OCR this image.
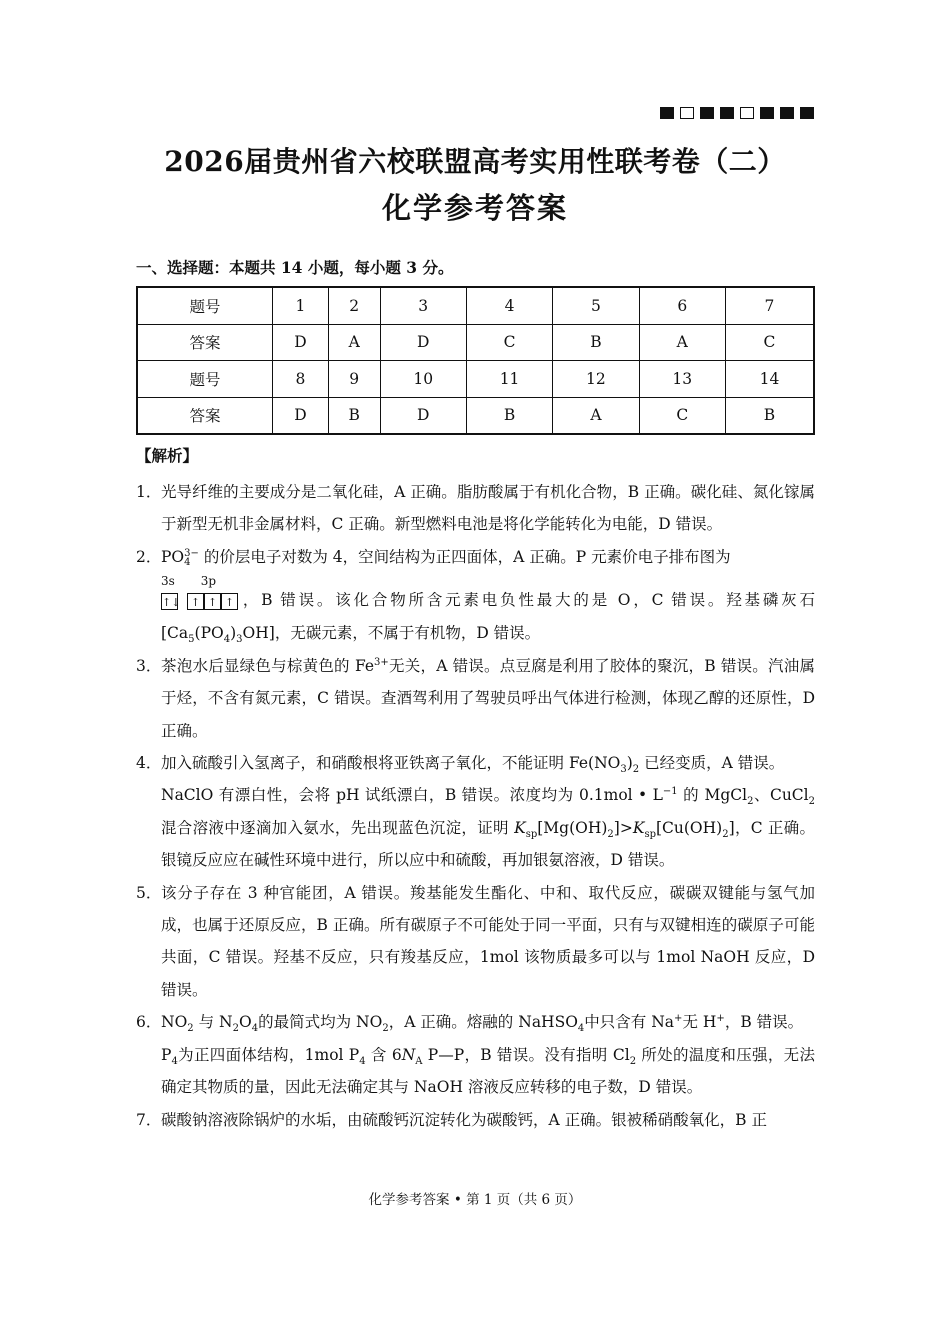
2026届贵州省六校联盟高考实用性联考卷（二）
化学参考答案
一、选择题：本题共 14 小题，每小题 3 分。
题号	1	2	3	4	5	6	7
答案	D	A	D	C	B	A	C
题号	8	9	10	11	12	13	14
答案	D	B	D	B	A	C	B
【解析】
1． 光导纤维的主要成分是二氧化硅，A 正确。脂肪酸属于有机化合物，B 正确。碳化硅、氮化镓属于新型无机非金属材料，C 正确。新型燃料电池是将化学能转化为电能，D 错误。
2． PO 3−
4 的价层电子对数为 4，空间结构为正四面体，A 正确。P 元素价电子排布图为

3s 3p
↑↓ ↑ ↑ ↑ ，B 错误。该化合物所含元素电负性最大的是 O，C 错误。羟基磷灰石 $[Ca_5(PO_4)_3OH]$，无碳元素，不属于有机物，D 错误。
3． 茶泡水后显绿色与棕黄色的 $Fe^{3+}$无关，A 错误。点豆腐是利用了胶体的聚沉，B 错误。汽油属于烃，不含有氮元素，C 错误。查酒驾利用了驾驶员呼出气体进行检测，体现乙醇的还原性，D 正确。
4． 加入硫酸引入氢离子，和硝酸根将亚铁离子氧化，不能证明 $Fe(NO_3)_2$ 已经变质，A 错误。
NaClO 有漂白性，会将 pH 试纸漂白，B 错误。浓度均为 0.1mol • $L^{-1}$ 的 MgCl$_2$、CuCl$_2$ 混合溶液中逐滴加入氨水，先出现蓝色沉淀，证明 $K_{sp}[Mg(OH)_2]>K_{sp}[Cu(OH)_2]$，C 正确。银镜反应应在碱性环境中进行，所以应中和硫酸，再加银氨溶液，D 错误。
5． 该分子存在 3 种官能团，A 错误。羧基能发生酯化、中和、取代反应，碳碳双键能与氢气加成，也属于还原反应，B 正确。所有碳原子不可能处于同一平面，只有与双键相连的碳原子可能共面，C 错误。羟基不反应，只有羧基反应，1mol 该物质最多可以与 1mol NaOH 反应，D 错误。
6． $NO_2$ 与 $N_2O_4$的最简式均为 $NO_2$，A 正确。熔融的 NaHSO$_4$中只含有 Na+无 H+，B 错误。
$P_4$为正四面体结构，1mol $P_4$ 含 $6N_A$ P—P，B 错误。没有指明 $Cl_2$ 所处的温度和压强，无法确定其物质的量，因此无法确定其与 NaOH 溶液反应转移的电子数，D 错误。
7． 碳酸钠溶液除锅炉的水垢，由硫酸钙沉淀转化为碳酸钙，A 正确。银被稀硝酸氧化，B 正
化学参考答案 • 第 1 页（共 6 页）
